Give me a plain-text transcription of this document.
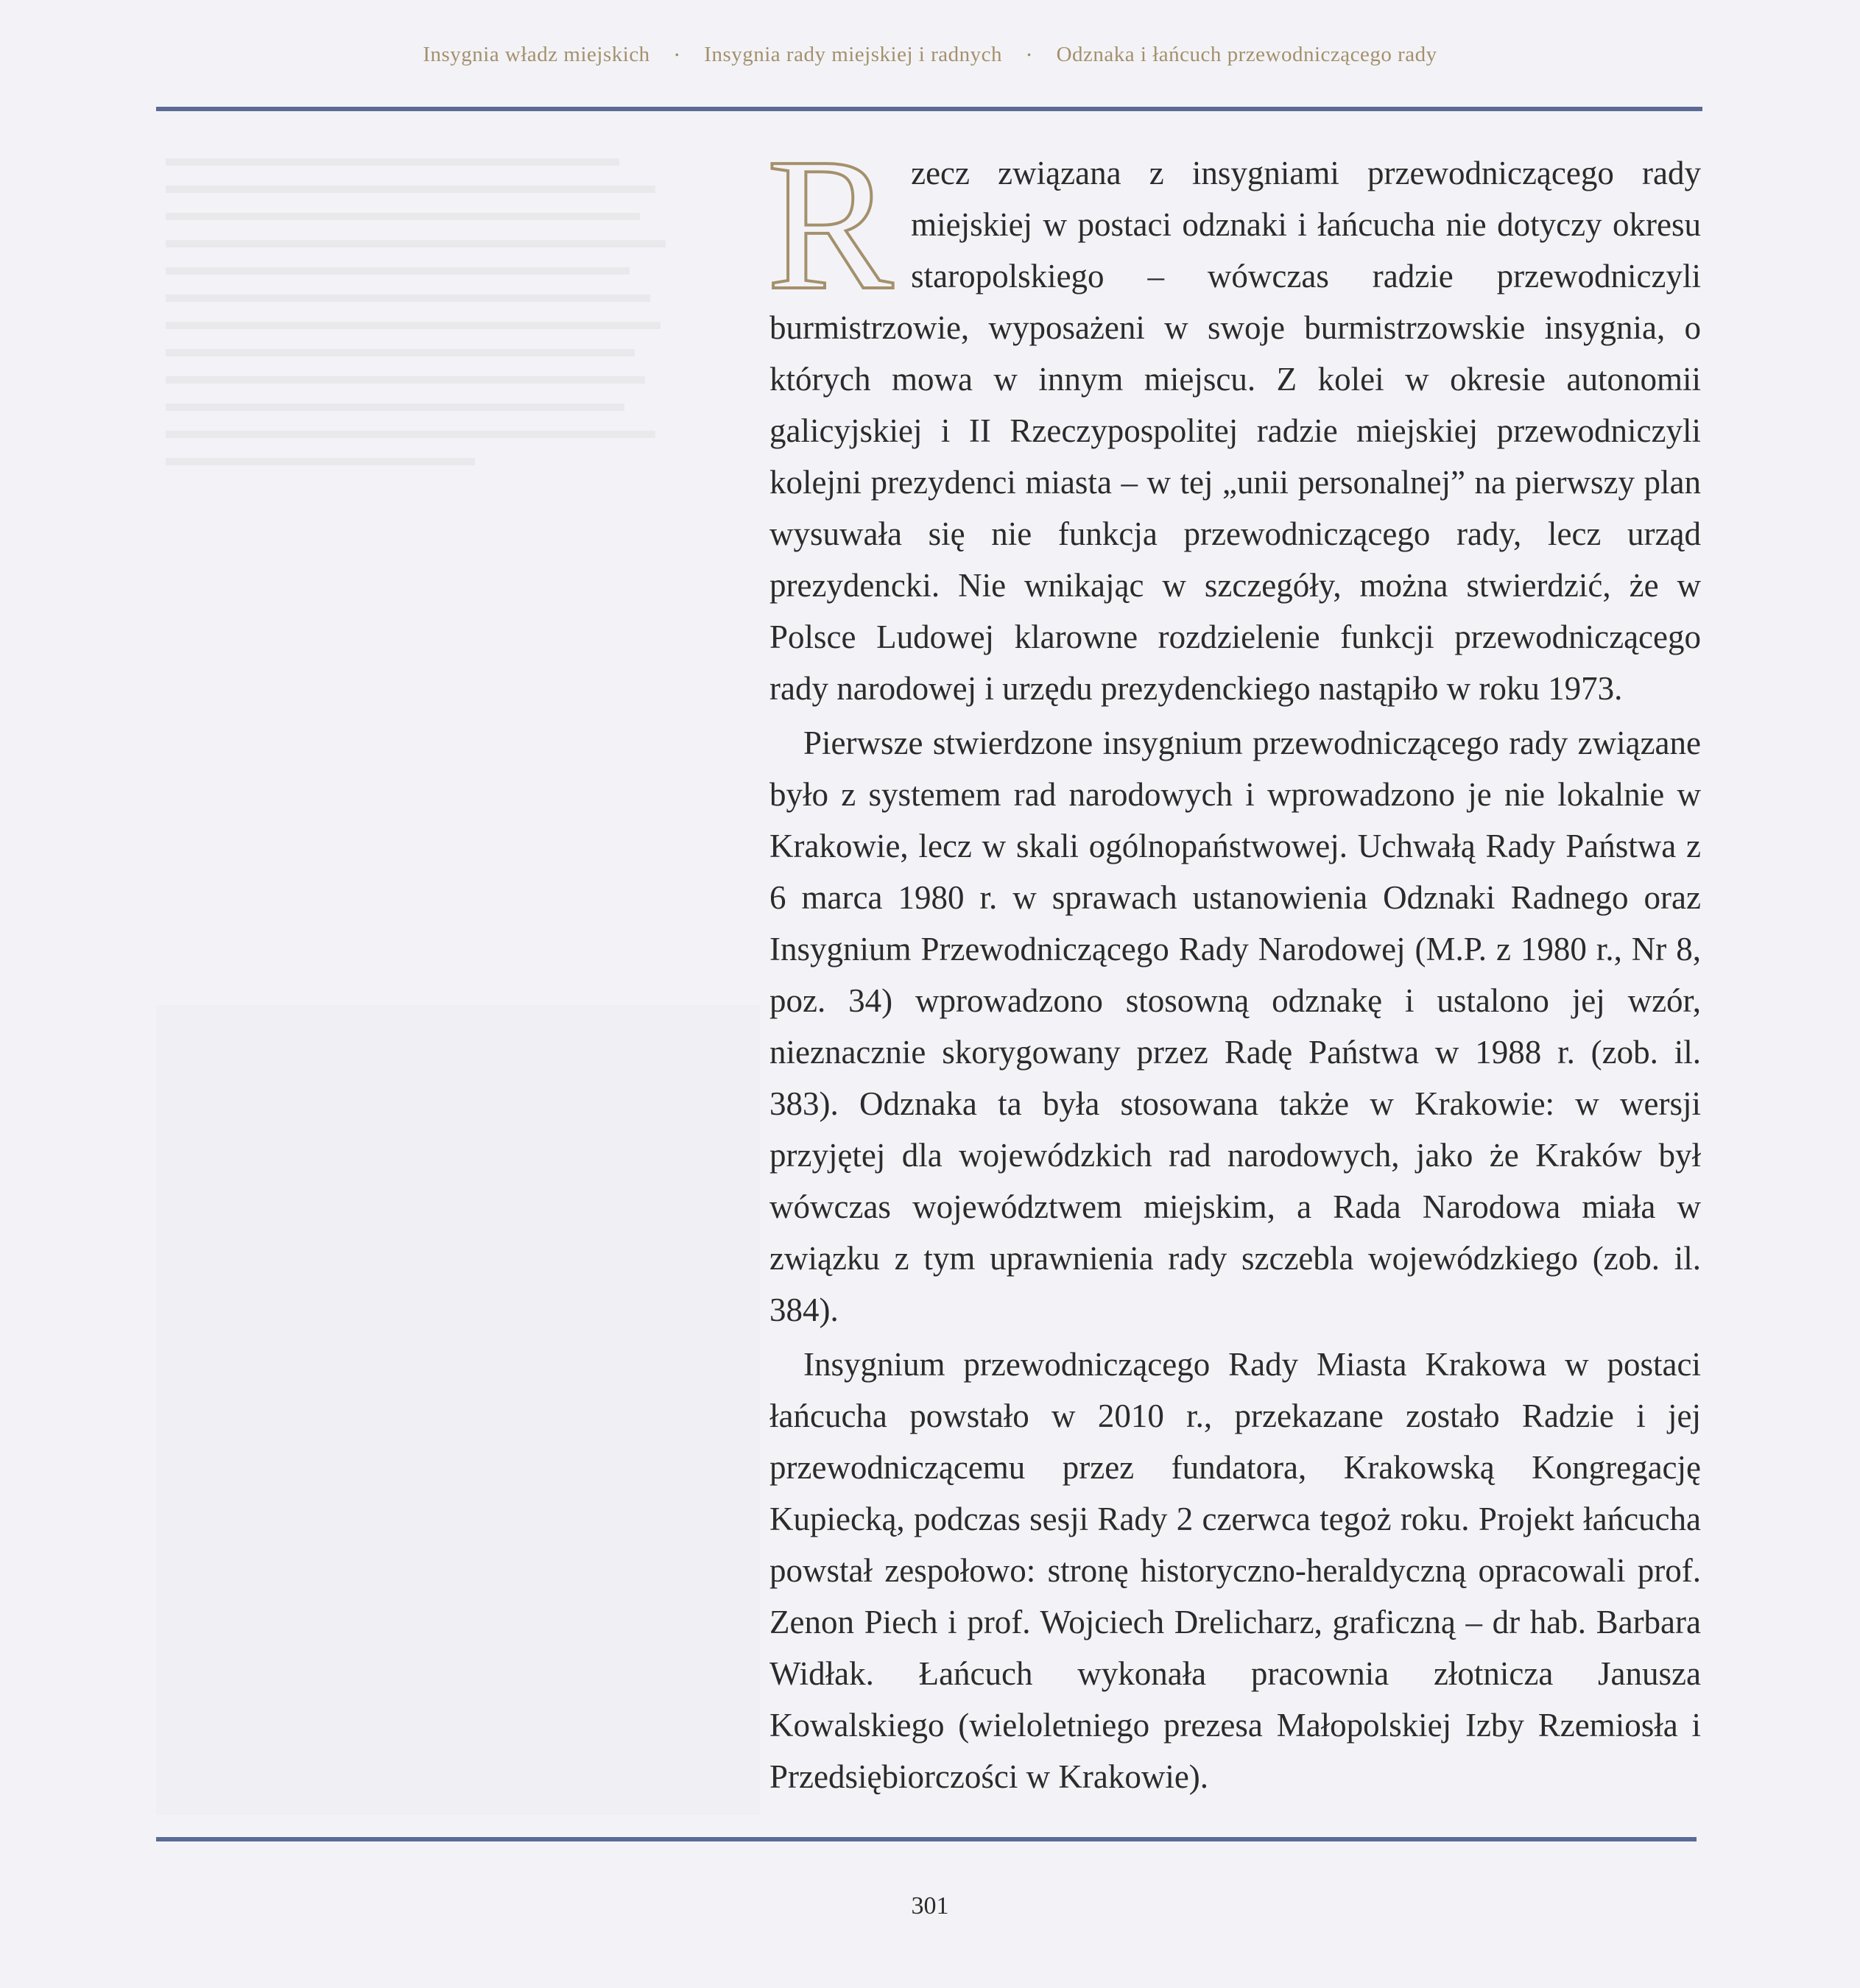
Insygnia władz miejskich • Insygnia rady miejskiej i radnych • Odznaka i łańcuch przewodniczącego rady

Rzecz związana z insygniami przewodniczącego rady miejskiej w postaci odznaki i łańcucha nie dotyczy okresu staropolskiego – wówczas radzie przewodniczyli burmistrzowie, wyposażeni w swoje burmistrzowskie insygnia, o których mowa w innym miejscu. Z kolei w okresie autonomii galicyjskiej i II Rzeczypospolitej radzie miejskiej przewodniczyli kolejni prezydenci miasta – w tej „unii personalnej” na pierwszy plan wysuwała się nie funkcja przewodniczącego rady, lecz urząd prezydencki. Nie wnikając w szczegóły, można stwierdzić, że w Polsce Ludowej klarowne rozdzielenie funkcji przewodniczącego rady narodowej i urzędu prezydenckiego nastąpiło w roku 1973.

Pierwsze stwierdzone insygnium przewodniczącego rady związane było z systemem rad narodowych i wprowadzono je nie lokalnie w Krakowie, lecz w skali ogólnopaństwowej. Uchwałą Rady Państwa z 6 marca 1980 r. w sprawach ustanowienia Odznaki Radnego oraz Insygnium Przewodniczącego Rady Narodowej (M.P. z 1980 r., Nr 8, poz. 34) wprowadzono stosowną odznakę i ustalono jej wzór, nieznacznie skorygowany przez Radę Państwa w 1988 r. (zob. il. 383). Odznaka ta była stosowana także w Krakowie: w wersji przyjętej dla wojewódzkich rad narodowych, jako że Kraków był wówczas województwem miejskim, a Rada Narodowa miała w związku z tym uprawnienia rady szczebla wojewódzkiego (zob. il. 384).

Insygnium przewodniczącego Rady Miasta Krakowa w postaci łańcucha powstało w 2010 r., przekazane zostało Radzie i jej przewodniczącemu przez fundatora, Krakowską Kongregację Kupiecką, podczas sesji Rady 2 czerwca tegoż roku. Projekt łańcucha powstał zespołowo: stronę historyczno-heraldyczną opracowali prof. Zenon Piech i prof. Wojciech Drelicharz, graficzną – dr hab. Barbara Widłak. Łańcuch wykonała pracownia złotnicza Janusza Kowalskiego (wieloletniego prezesa Małopolskiej Izby Rzemiosła i Przedsiębiorczości w Krakowie).

301
